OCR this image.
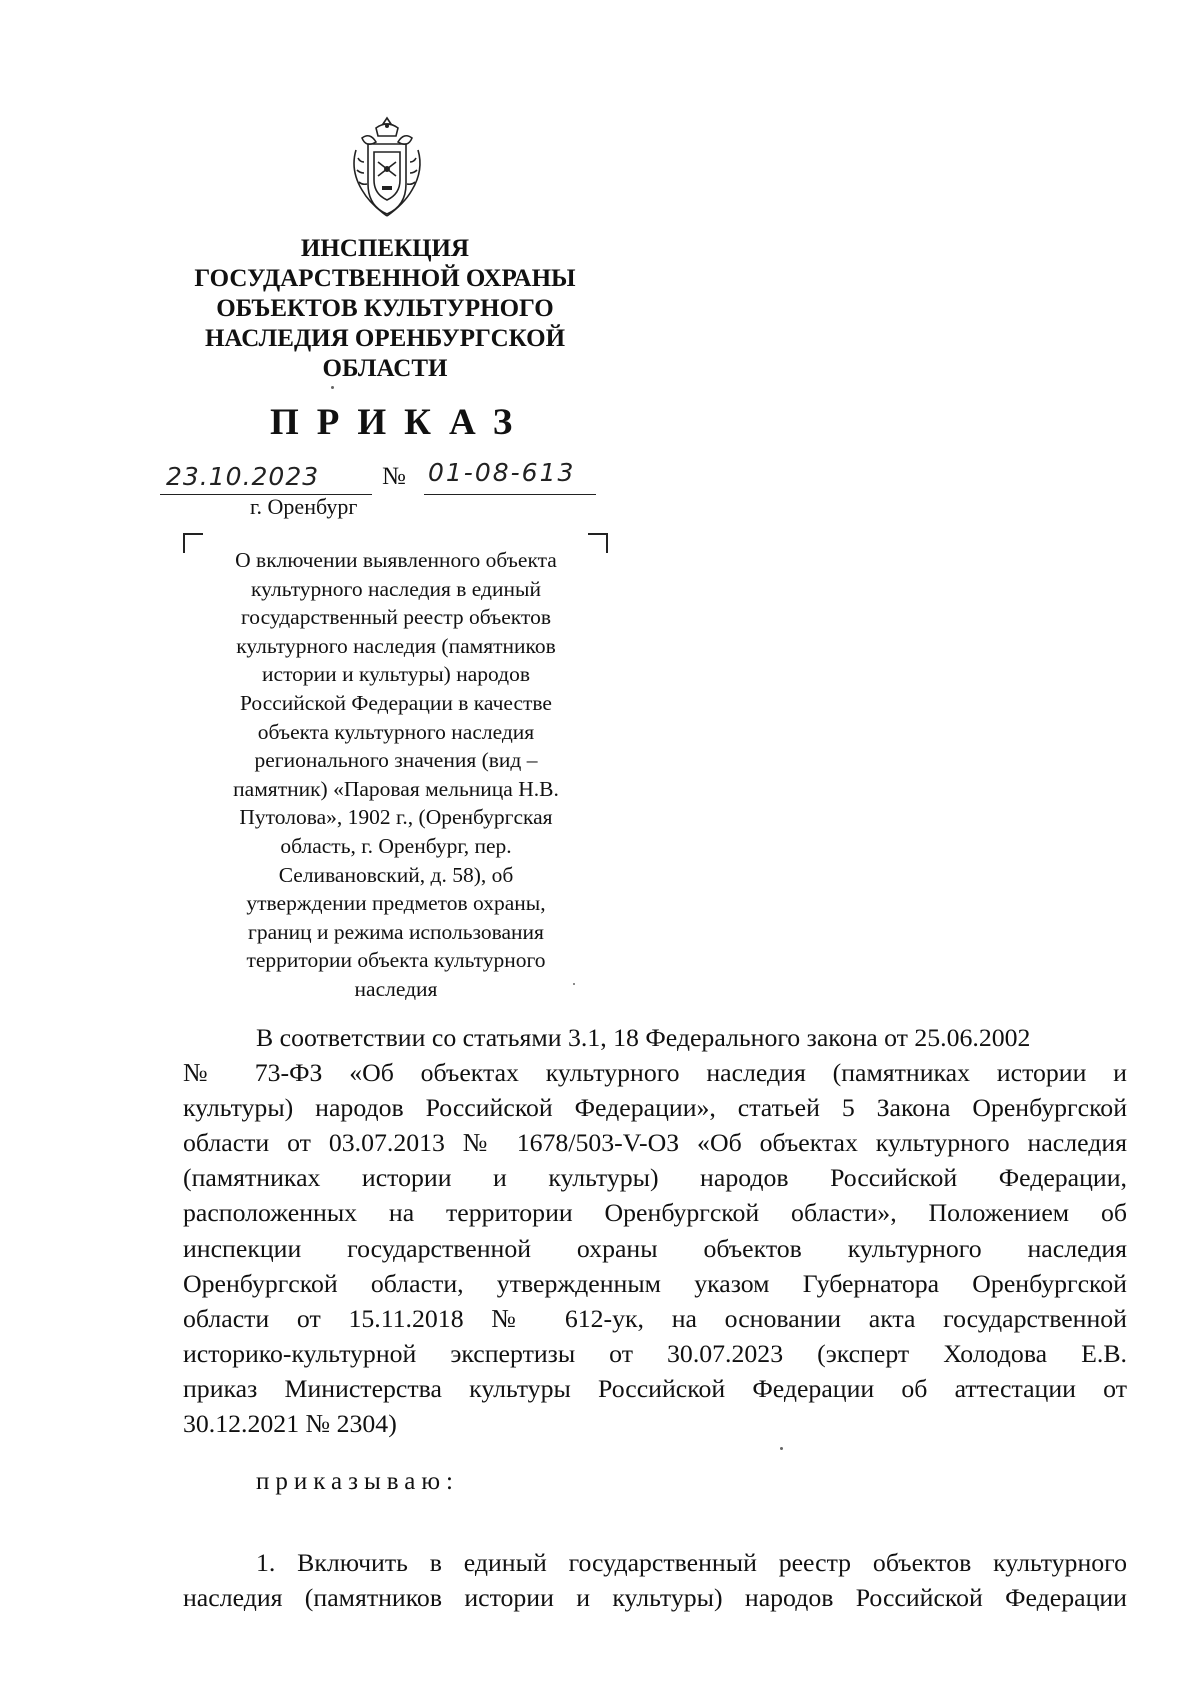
ИНСПЕКЦИЯ
ГОСУДАРСТВЕННОЙ ОХРАНЫ
ОБЪЕКТОВ КУЛЬТУРНОГО
НАСЛЕДИЯ ОРЕНБУРГСКОЙ
ОБЛАСТИ
ПРИКАЗ
23.10.2023	№ 01-08-613
г. Оренбург
О включении выявленного объекта
культурного наследия в единый
государственный реестр объектов
культурного наследия (памятников
истории и культуры) народов
Российской Федерации в качестве
объекта культурного наследия
регионального значения (вид –
памятник) «Паровая мельница Н.В.
Путолова», 1902 г., (Оренбургская
область, г. Оренбург, пер.
Селивановский, д. 58), об
утверждении предметов охраны,
границ и режима использования
территории объекта культурного
наследия
В соответствии со статьями 3.1, 18 Федерального закона от 25.06.2002
№ 73-ФЗ «Об объектах культурного наследия (памятниках истории и
культуры) народов Российской Федерации», статьей 5 Закона Оренбургской
области от 03.07.2013 № 1678/503-V-ОЗ «Об объектах культурного наследия
(памятниках истории и культуры) народов Российской Федерации,
расположенных на территории Оренбургской области», Положением об
инспекции государственной охраны объектов культурного наследия
Оренбургской области, утвержденным указом Губернатора Оренбургской
области от 15.11.2018 № 612-ук, на основании акта государственной
историко-культурной экспертизы от 30.07.2023 (эксперт Холодова Е.В.
приказ Министерства культуры Российской Федерации об аттестации от
30.12.2021 № 2304)
приказываю:
1. Включить в единый государственный реестр объектов культурного
наследия (памятников истории и культуры) народов Российской Федерации
